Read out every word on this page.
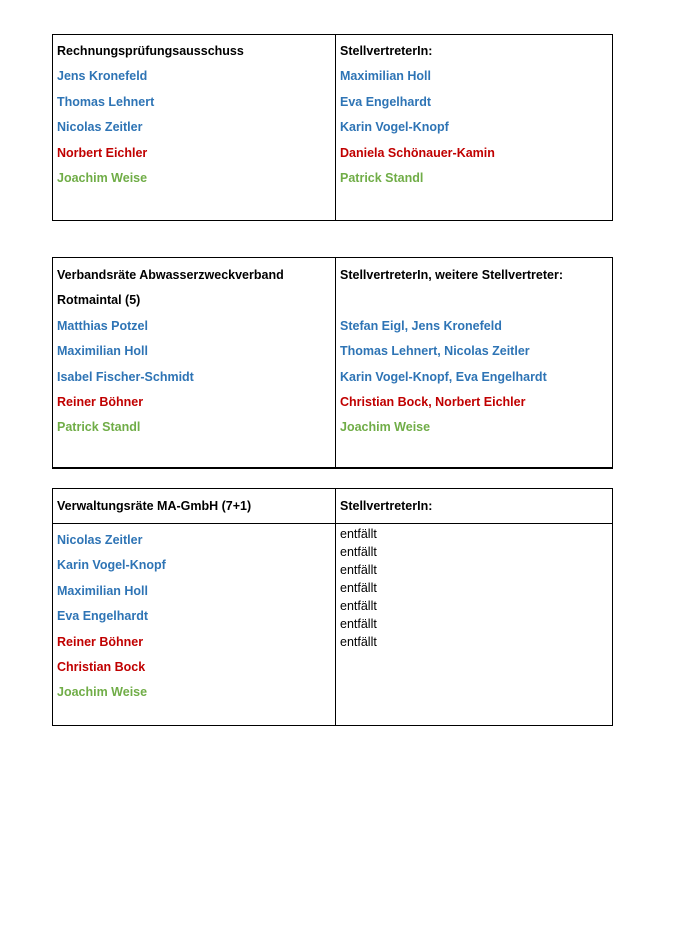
Rechnungsprüfungsausschuss
Jens Kronefeld
Thomas Lehnert
Nicolas Zeitler
Norbert Eichler
Joachim Weise
StellvertreterIn:
Maximilian Holl
Eva Engelhardt
Karin Vogel-Knopf
Daniela Schönauer-Kamin
Patrick Standl
Verbandsräte Abwasserzweckverband
Rotmaintal (5)
Matthias Potzel
Maximilian Holl
Isabel Fischer-Schmidt
Reiner Böhner
Patrick Standl
StellvertreterIn, weitere Stellvertreter:
Stefan Eigl, Jens Kronefeld
Thomas Lehnert, Nicolas Zeitler
Karin Vogel-Knopf, Eva Engelhardt
Christian Bock, Norbert Eichler
Joachim Weise
Verwaltungsräte MA-GmbH (7+1)	StellvertreterIn:
Nicolas Zeitler
Karin Vogel-Knopf
Maximilian Holl
Eva Engelhardt
Reiner Böhner
Christian Bock
Joachim Weise
entfällt
entfällt
entfällt
entfällt
entfällt
entfällt
entfällt
